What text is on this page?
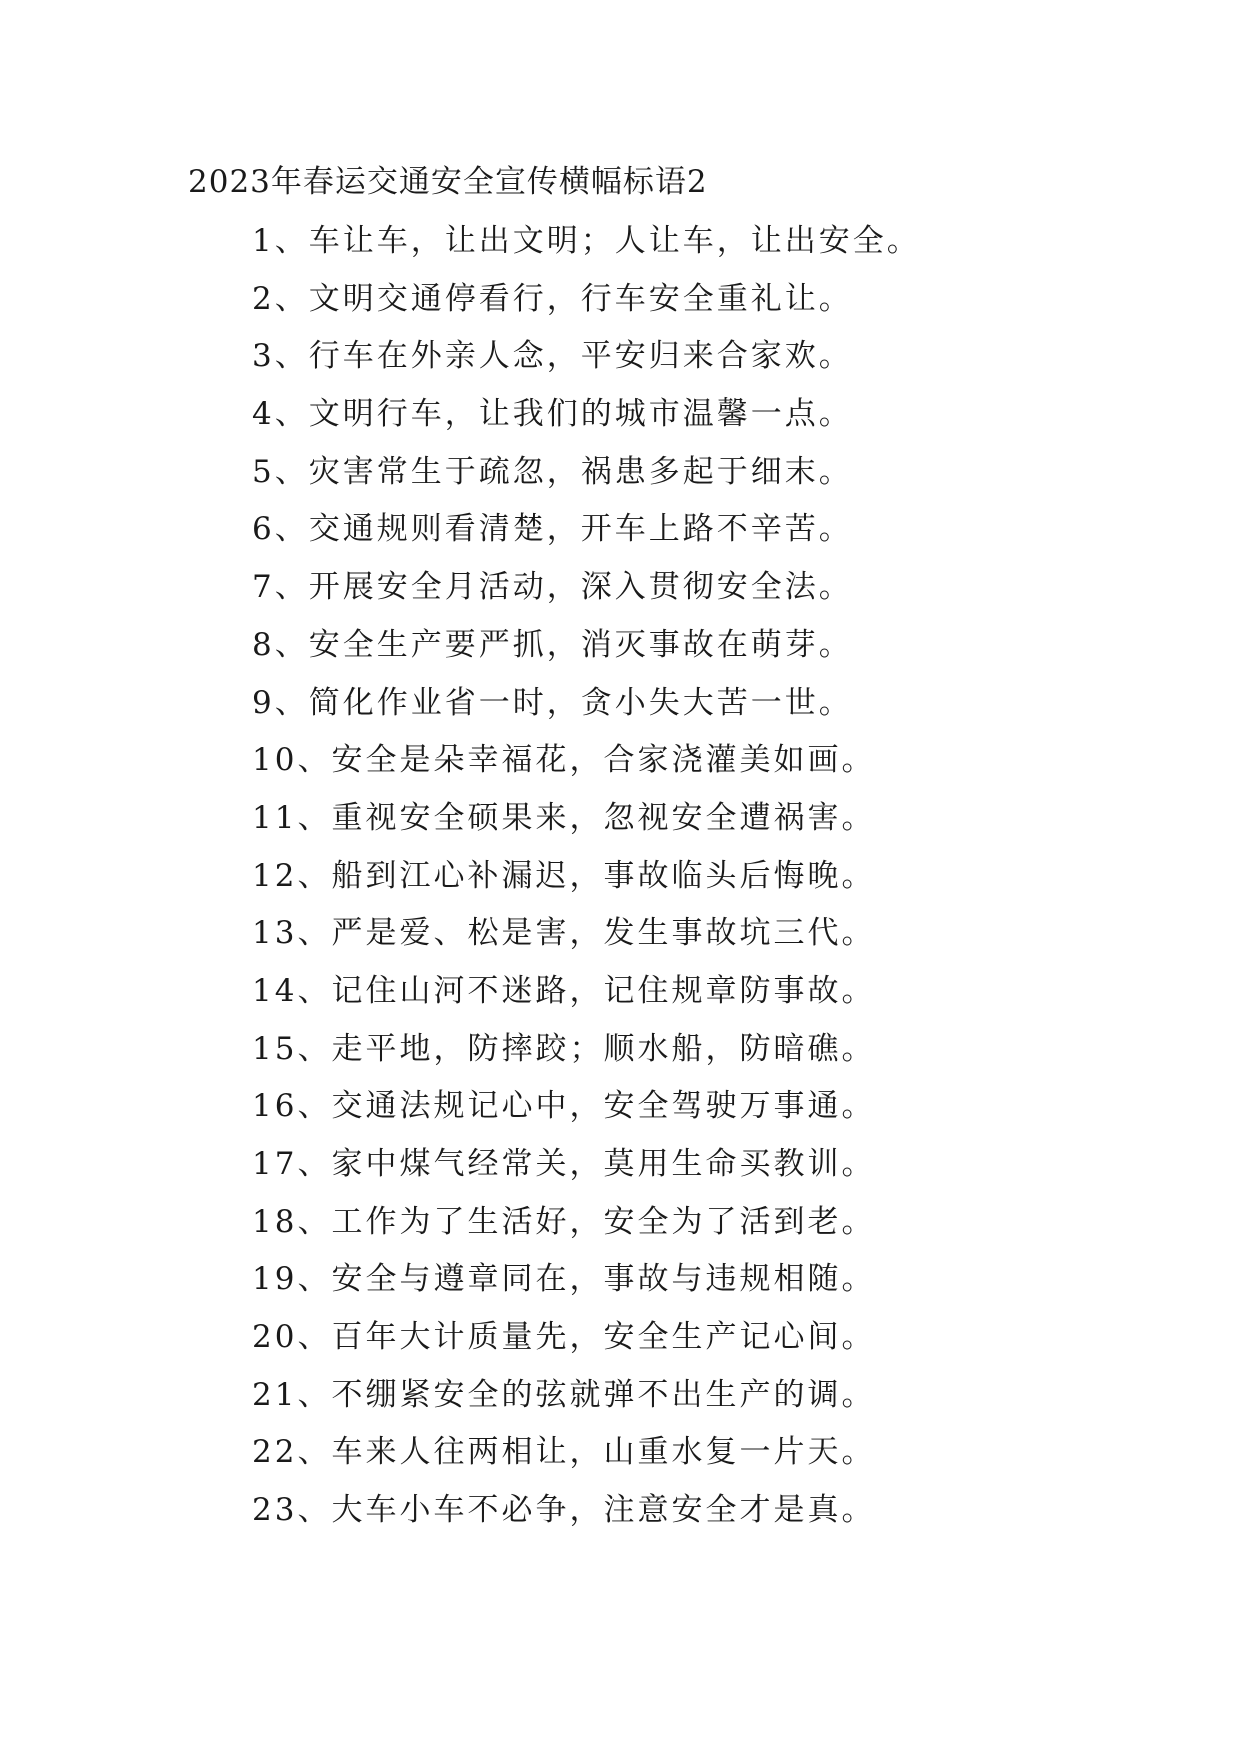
2023年春运交通安全宣传横幅标语2
1、车让车，让出文明；人让车，让出安全。
2、文明交通停看行，行车安全重礼让。
3、行车在外亲人念，平安归来合家欢。
4、文明行车，让我们的城市温馨一点。
5、灾害常生于疏忽，祸患多起于细末。
6、交通规则看清楚，开车上路不辛苦。
7、开展安全月活动，深入贯彻安全法。
8、安全生产要严抓，消灭事故在萌芽。
9、简化作业省一时，贪小失大苦一世。
10、安全是朵幸福花，合家浇灌美如画。
11、重视安全硕果来，忽视安全遭祸害。
12、船到江心补漏迟，事故临头后悔晚。
13、严是爱、松是害，发生事故坑三代。
14、记住山河不迷路，记住规章防事故。
15、走平地，防摔跤；顺水船，防暗礁。
16、交通法规记心中，安全驾驶万事通。
17、家中煤气经常关，莫用生命买教训。
18、工作为了生活好，安全为了活到老。
19、安全与遵章同在，事故与违规相随。
20、百年大计质量先，安全生产记心间。
21、不绷紧安全的弦就弹不出生产的调。
22、车来人往两相让，山重水复一片天。
23、大车小车不必争，注意安全才是真。
